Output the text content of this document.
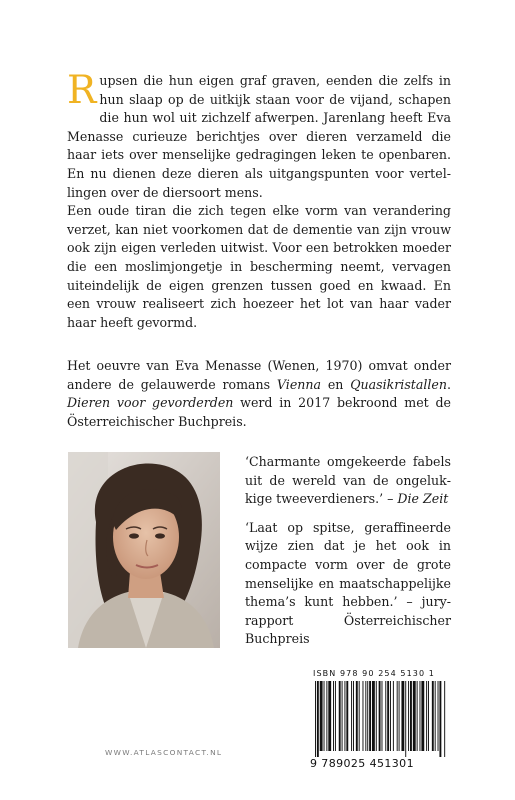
Rupsen die hun eigen graf graven, eenden die zelfs in hun slaap op de uitkijk staan voor de vijand, schapen die hun wol uit zichzelf afwerpen. Jarenlang heeft Eva Menasse curieuze berichtjes over dieren verzameld die haar iets over menselijke gedragingen leken te openbaren. En nu dienen deze dieren als uitgangspunten voor vertellingen over de diersoort mens.

Een oude tiran die zich tegen elke vorm van verandering verzet, kan niet voorkomen dat de dementie van zijn vrouw ook zijn eigen verleden uitwist. Voor een betrokken moeder die een moslimjongetje in bescherming neemt, vervagen uiteindelijk de eigen grenzen tussen goed en kwaad. En een vrouw realiseert zich hoezeer het lot van haar vader haar heeft gevormd.

Het oeuvre van Eva Menasse (Wenen, 1970) omvat onder andere de gelauwerde romans Vienna en Quasikristallen. Dieren voor gevorderden werd in 2017 bekroond met de Österreichischer Buchpreis.

‘Charmante omgekeerde fabels uit de wereld van de ongelukkige tweeverdieners.’ – Die Zeit

‘Laat op spitse, geraffineerde wijze zien dat je het ook in compacte vorm over de grote menselijke en maatschappelijke thema’s kunt hebben.’ – juryrapport Österreichischer Buchpreis

WWW.ATLASCONTACT.NL
ISBN 978 90 254 5130 1
9 789025 451301
